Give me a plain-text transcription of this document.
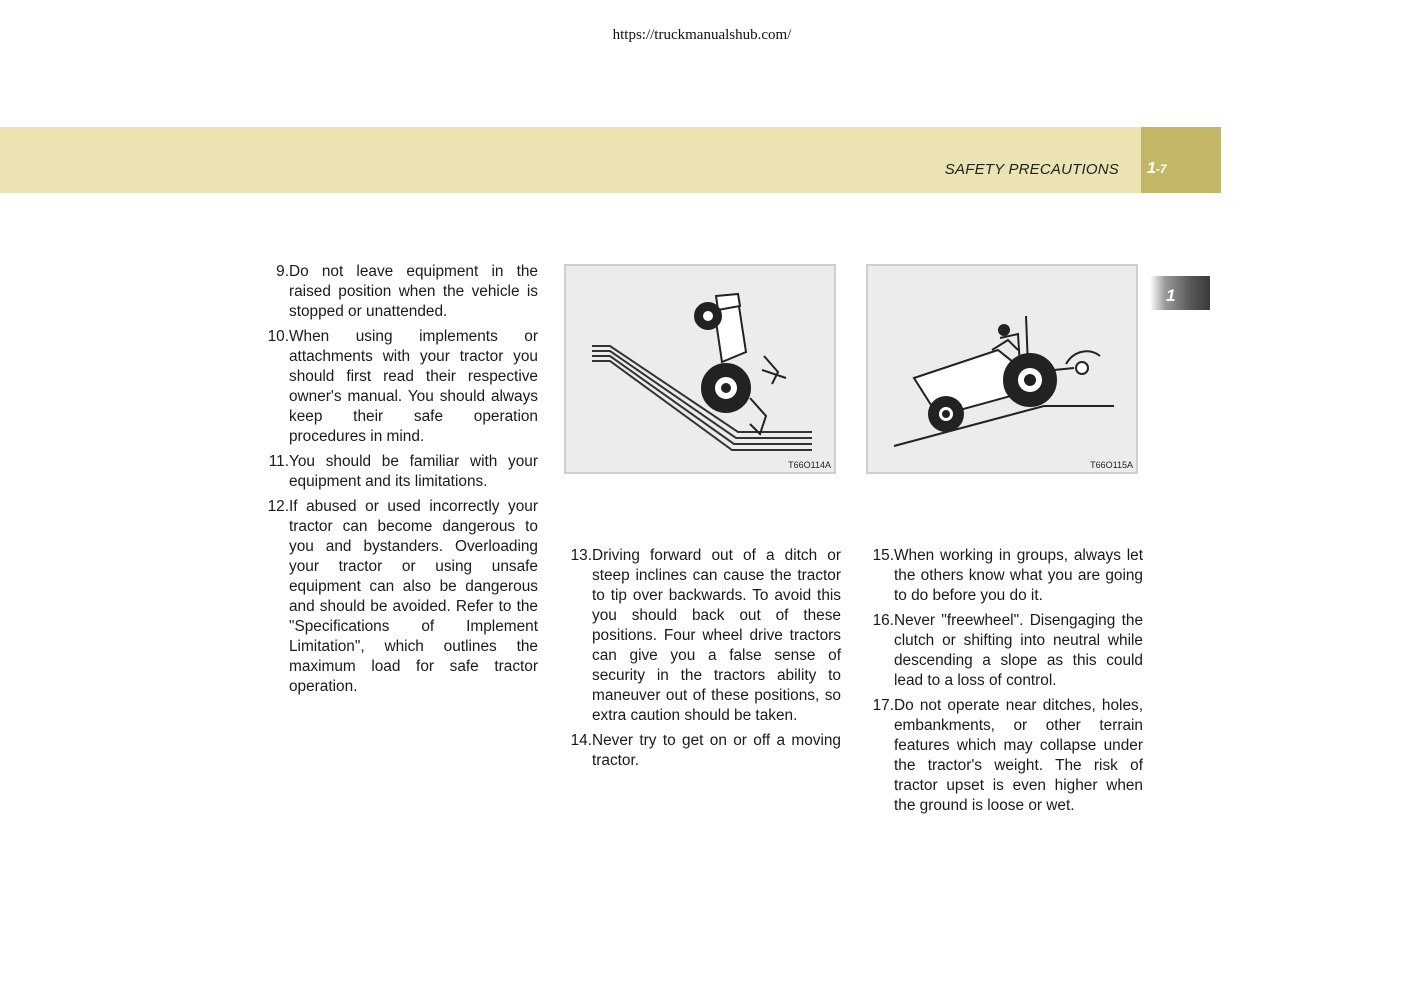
https://truckmanualshub.com/
SAFETY PRECAUTIONS 1-7
1
9. Do not leave equipment in the raised position when the vehicle is stopped or unattended.
10. When using implements or attachments with your tractor you should first read their respective owner's manual. You should always keep their safe operation procedures in mind.
11. You should be familiar with your equipment and its limitations.
12. If abused or used incorrectly your tractor can become dangerous to you and bystanders. Overloading your tractor or using unsafe equipment can also be dangerous and should be avoided. Refer to the "Specifications of Implement Limitation", which outlines the maximum load for safe tractor operation.
T66O114A	T66O115A
13. Driving forward out of a ditch or steep inclines can cause the tractor to tip over backwards. To avoid this you should back out of these positions. Four wheel drive tractors can give you a false sense of security in the tractors ability to maneuver out of these positions, so extra caution should be taken.
14. Never try to get on or off a moving tractor.
15. When working in groups, always let the others know what you are going to do before you do it.
16. Never "freewheel". Disengaging the clutch or shifting into neutral while descending a slope as this could lead to a loss of control.
17. Do not operate near ditches, holes, embankments, or other terrain features which may collapse under the tractor's weight. The risk of tractor upset is even higher when the ground is loose or wet.
